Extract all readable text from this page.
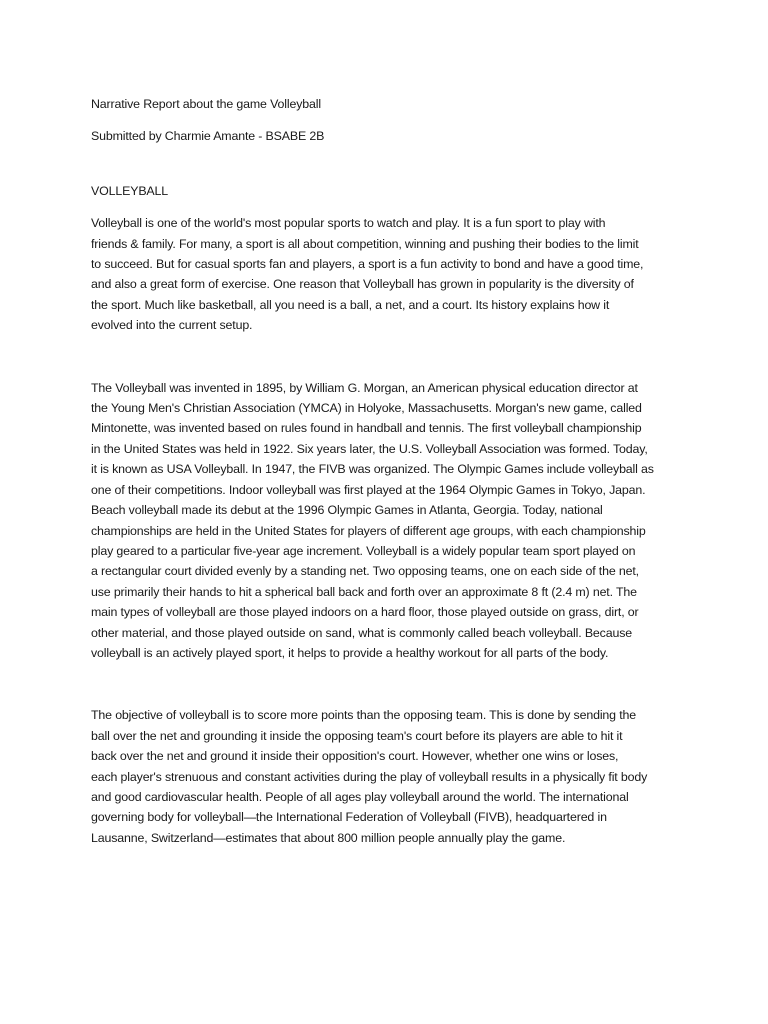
Narrative Report about the game Volleyball

Submitted by Charmie Amante - BSABE 2B

VOLLEYBALL

Volleyball is one of the world's most popular sports to watch and play. It is a fun sport to play with

friends & family. For many, a sport is all about competition, winning and pushing their bodies to the limit

to succeed. But for casual sports fan and players, a sport is a fun activity to bond and have a good time,

and also a great form of exercise. One reason that Volleyball has grown in popularity is the diversity of

the sport. Much like basketball, all you need is a ball, a net, and a court. Its history explains how it

evolved into the current setup.

The Volleyball was invented in 1895, by William G. Morgan, an American physical education director at

the Young Men's Christian Association (YMCA) in Holyoke, Massachusetts. Morgan's new game, called

Mintonette, was invented based on rules found in handball and tennis. The first volleyball championship

in the United States was held in 1922. Six years later, the U.S. Volleyball Association was formed. Today,

it is known as USA Volleyball. In 1947, the FIVB was organized. The Olympic Games include volleyball as

one of their competitions. Indoor volleyball was first played at the 1964 Olympic Games in Tokyo, Japan.

Beach volleyball made its debut at the 1996 Olympic Games in Atlanta, Georgia. Today, national

championships are held in the United States for players of different age groups, with each championship

play geared to a particular five-year age increment. Volleyball is a widely popular team sport played on

a rectangular court divided evenly by a standing net. Two opposing teams, one on each side of the net,

use primarily their hands to hit a spherical ball back and forth over an approximate 8 ft (2.4 m) net. The

main types of volleyball are those played indoors on a hard floor, those played outside on grass, dirt, or

other material, and those played outside on sand, what is commonly called beach volleyball. Because

volleyball is an actively played sport, it helps to provide a healthy workout for all parts of the body.

The objective of volleyball is to score more points than the opposing team. This is done by sending the

ball over the net and grounding it inside the opposing team's court before its players are able to hit it

back over the net and ground it inside their opposition's court. However, whether one wins or loses,

each player's strenuous and constant activities during the play of volleyball results in a physically fit body

and good cardiovascular health. People of all ages play volleyball around the world. The international

governing body for volleyball—the International Federation of Volleyball (FIVB), headquartered in

Lausanne, Switzerland—estimates that about 800 million people annually play the game.
